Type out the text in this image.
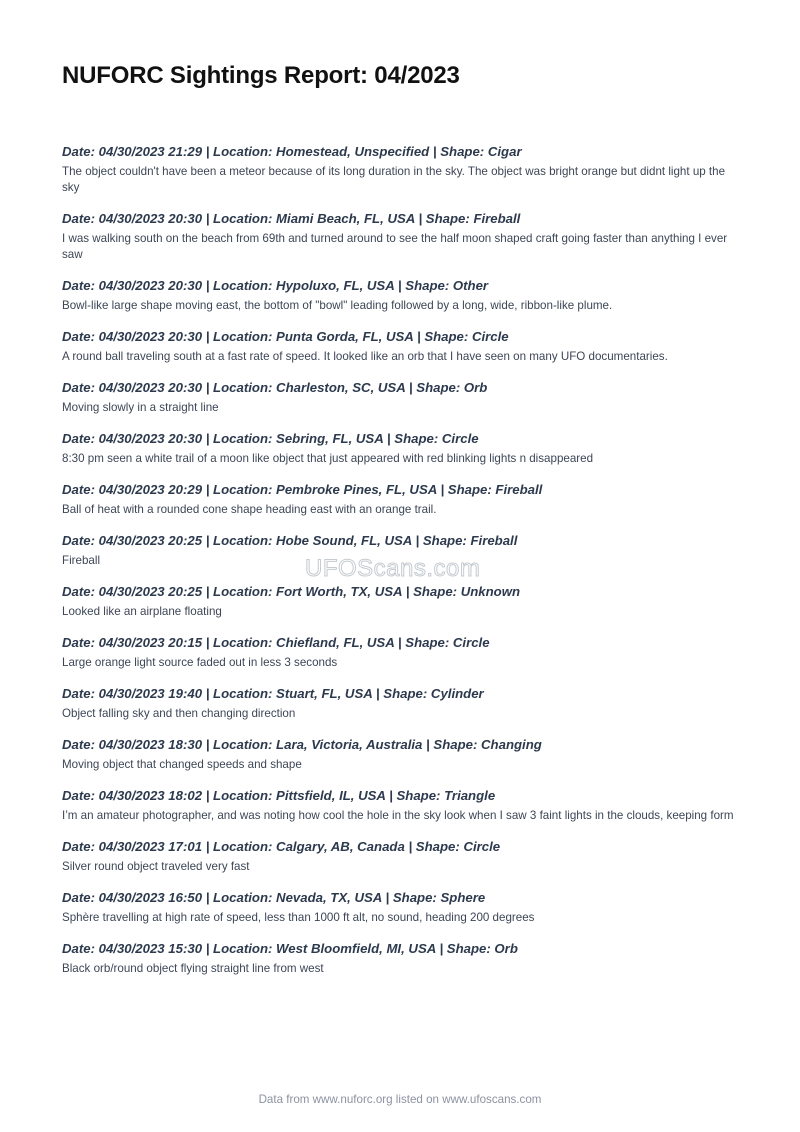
NUFORC Sightings Report: 04/2023

Date: 04/30/2023 21:29 | Location: Homestead, Unspecified | Shape: Cigar

The object couldn't have been a meteor because of its long duration in the sky. The object was bright orange but didnt light up the sky

Date: 04/30/2023 20:30 | Location: Miami Beach, FL, USA | Shape: Fireball

I was walking south on the beach from 69th and turned around to see the half moon shaped craft going faster than anything I ever saw

Date: 04/30/2023 20:30 | Location: Hypoluxo, FL, USA | Shape: Other

Bowl-like large shape moving east, the bottom of "bowl" leading followed by a long, wide, ribbon-like plume.

Date: 04/30/2023 20:30 | Location: Punta Gorda, FL, USA | Shape: Circle

A round ball traveling south at a fast rate of speed. It looked like an orb that I have seen on many UFO documentaries.

Date: 04/30/2023 20:30 | Location: Charleston, SC, USA | Shape: Orb

Moving slowly in a straight line

Date: 04/30/2023 20:30 | Location: Sebring, FL, USA | Shape: Circle

8:30 pm seen a white trail of a moon like object that just appeared with red blinking lights n disappeared

Date: 04/30/2023 20:29 | Location: Pembroke Pines, FL, USA | Shape: Fireball

Ball of heat with a rounded cone shape heading east with an orange trail.

Date: 04/30/2023 20:25 | Location: Hobe Sound, FL, USA | Shape: Fireball

Fireball

Date: 04/30/2023 20:25 | Location: Fort Worth, TX, USA | Shape: Unknown

Looked like an airplane floating

Date: 04/30/2023 20:15 | Location: Chiefland, FL, USA | Shape: Circle

Large orange light source faded out in less 3 seconds

Date: 04/30/2023 19:40 | Location: Stuart, FL, USA | Shape: Cylinder

Object falling sky and then changing direction

Date: 04/30/2023 18:30 | Location: Lara, Victoria, Australia | Shape: Changing

Moving object that changed speeds and shape

Date: 04/30/2023 18:02 | Location: Pittsfield, IL, USA | Shape: Triangle

I’m an amateur photographer, and was noting how cool the hole in the sky look when I saw 3 faint lights in the clouds, keeping form

Date: 04/30/2023 17:01 | Location: Calgary, AB, Canada | Shape: Circle

Silver round object traveled very fast

Date: 04/30/2023 16:50 | Location: Nevada, TX, USA | Shape: Sphere

Sphère travelling at high rate of speed, less than 1000 ft alt, no sound, heading 200 degrees

Date: 04/30/2023 15:30 | Location: West Bloomfield, MI, USA | Shape: Orb

Black orb/round object flying straight line from west

UFOScans.com
Data from www.nuforc.org listed on www.ufoscans.com
